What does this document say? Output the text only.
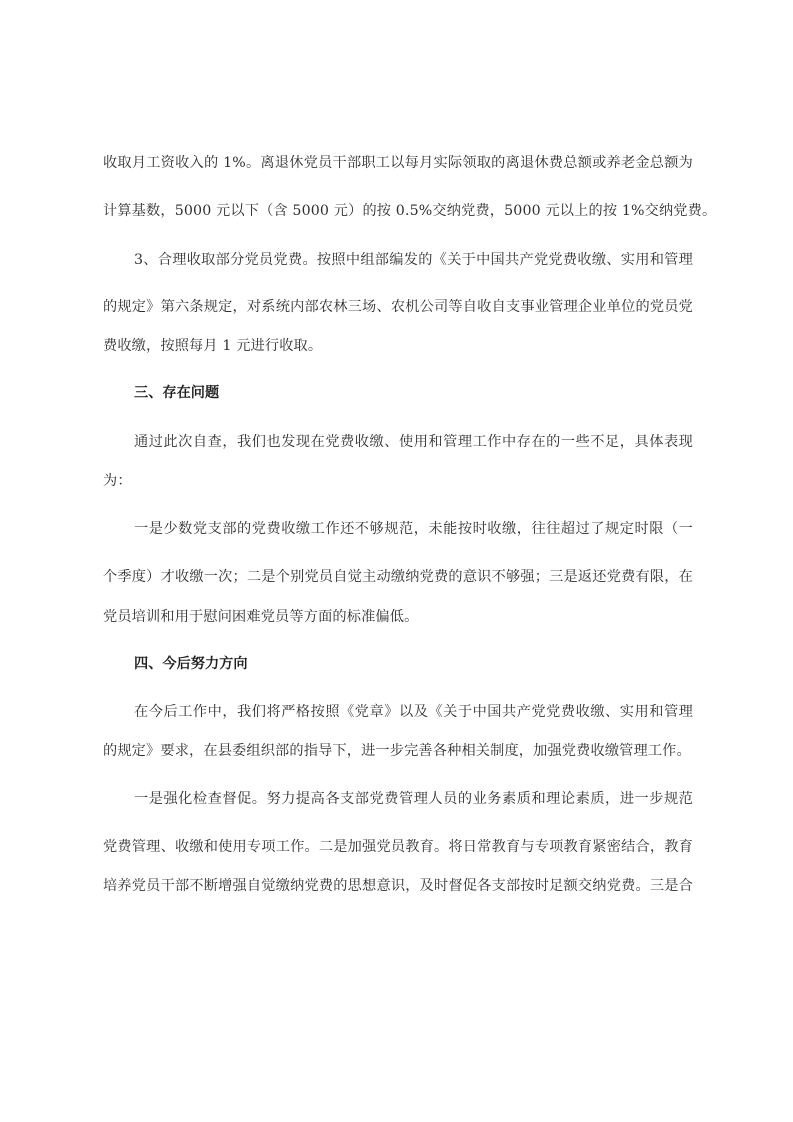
收取月工资收入的 1%。离退休党员干部职工以每月实际领取的离退休费总额或养老金总额为
计算基数，5000 元以下（含 5000 元）的按 0.5%交纳党费，5000 元以上的按 1%交纳党费。
3、合理收取部分党员党费。按照中组部编发的《关于中国共产党党费收缴、实用和管理
的规定》第六条规定，对系统内部农林三场、农机公司等自收自支事业管理企业单位的党员党
费收缴，按照每月 1 元进行收取。
三、存在问题
通过此次自查，我们也发现在党费收缴、使用和管理工作中存在的一些不足，具体表现
为：
一是少数党支部的党费收缴工作还不够规范，未能按时收缴，往往超过了规定时限（一
个季度）才收缴一次；二是个别党员自觉主动缴纳党费的意识不够强；三是返还党费有限，在
党员培训和用于慰问困难党员等方面的标准偏低。
四、今后努力方向
在今后工作中，我们将严格按照《党章》以及《关于中国共产党党费收缴、实用和管理
的规定》要求，在县委组织部的指导下，进一步完善各种相关制度，加强党费收缴管理工作。
一是强化检查督促。努力提高各支部党费管理人员的业务素质和理论素质，进一步规范
党费管理、收缴和使用专项工作。二是加强党员教育。将日常教育与专项教育紧密结合，教育
培养党员干部不断增强自觉缴纳党费的思想意识，及时督促各支部按时足额交纳党费。三是合
